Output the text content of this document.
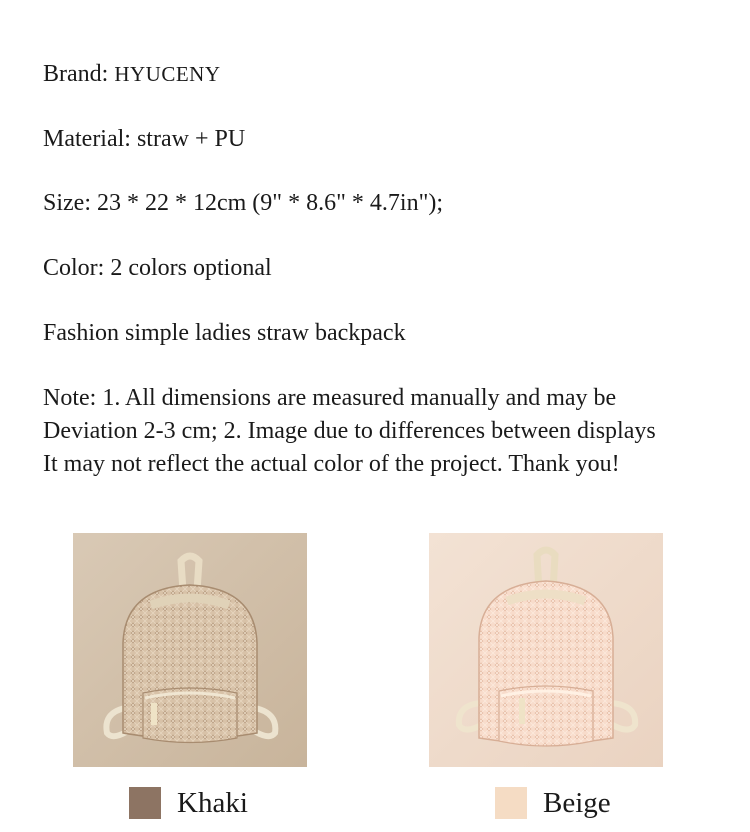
Brand: HYUCENY
Material: straw + PU
Size: 23 * 22 * 12cm (9" * 8.6" * 4.7in");
Color: 2 colors optional
Fashion simple ladies straw backpack
Note: 1. All dimensions are measured manually and may be
Deviation 2-3 cm; 2. Image due to differences between displays
It may not reflect the actual color of the project. Thank you!
Khaki	Beige
